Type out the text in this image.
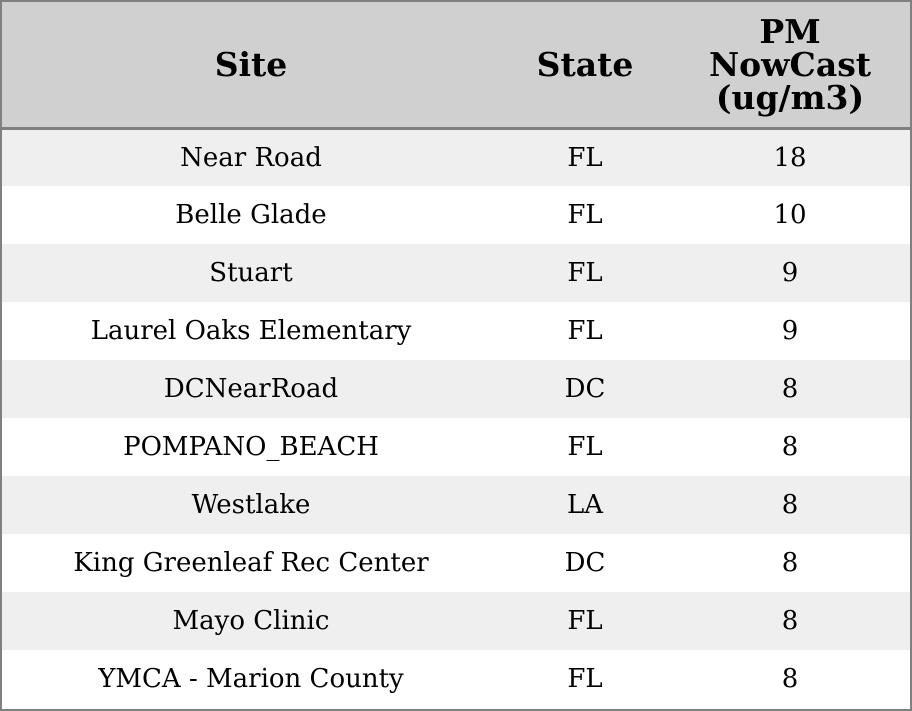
Site	State	PM
NowCast
(ug/m3)

Near Road	FL	18
Belle Glade	FL	10
Stuart	FL	9
Laurel Oaks Elementary	FL	9
DCNearRoad	DC	8
POMPANO_BEACH	FL	8
Westlake	LA	8
King Greenleaf Rec Center	DC	8
Mayo Clinic	FL	8
YMCA - Marion County	FL	8
